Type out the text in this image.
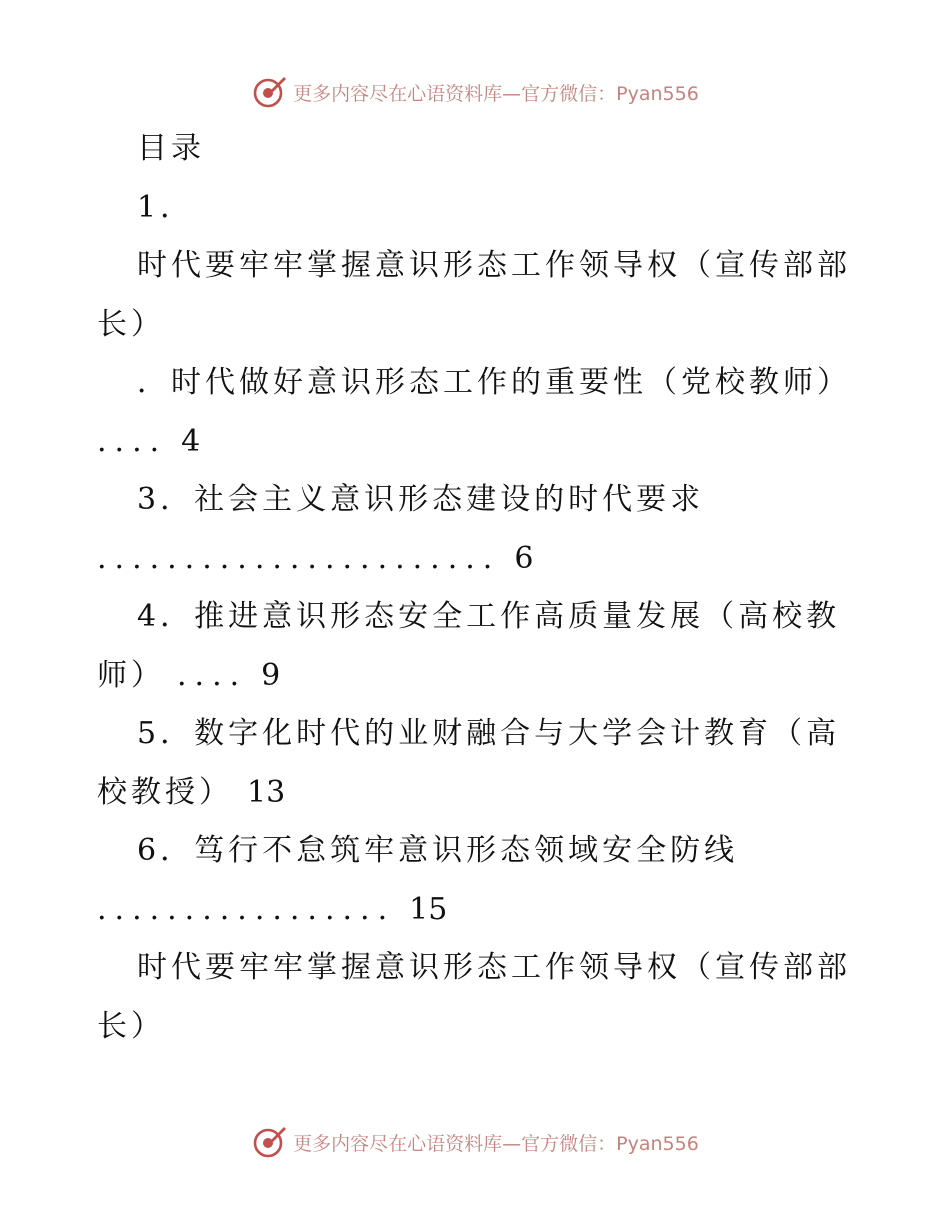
更多内容尽在心语资料库—官方微信：Pyan556
目录
1．
时代要牢牢掌握意识形态工作领导权（宣传部部
长）
．时代做好意识形态工作的重要性（党校教师）
.... 4
3．社会主义意识形态建设的时代要求
....................... 6
4．推进意识形态安全工作高质量发展（高校教
师） .... 9
5．数字化时代的业财融合与大学会计教育（高
校教授） 13
6．笃行不怠筑牢意识形态领域安全防线
................. 15
时代要牢牢掌握意识形态工作领导权（宣传部部
长）
更多内容尽在心语资料库—官方微信：Pyan556
